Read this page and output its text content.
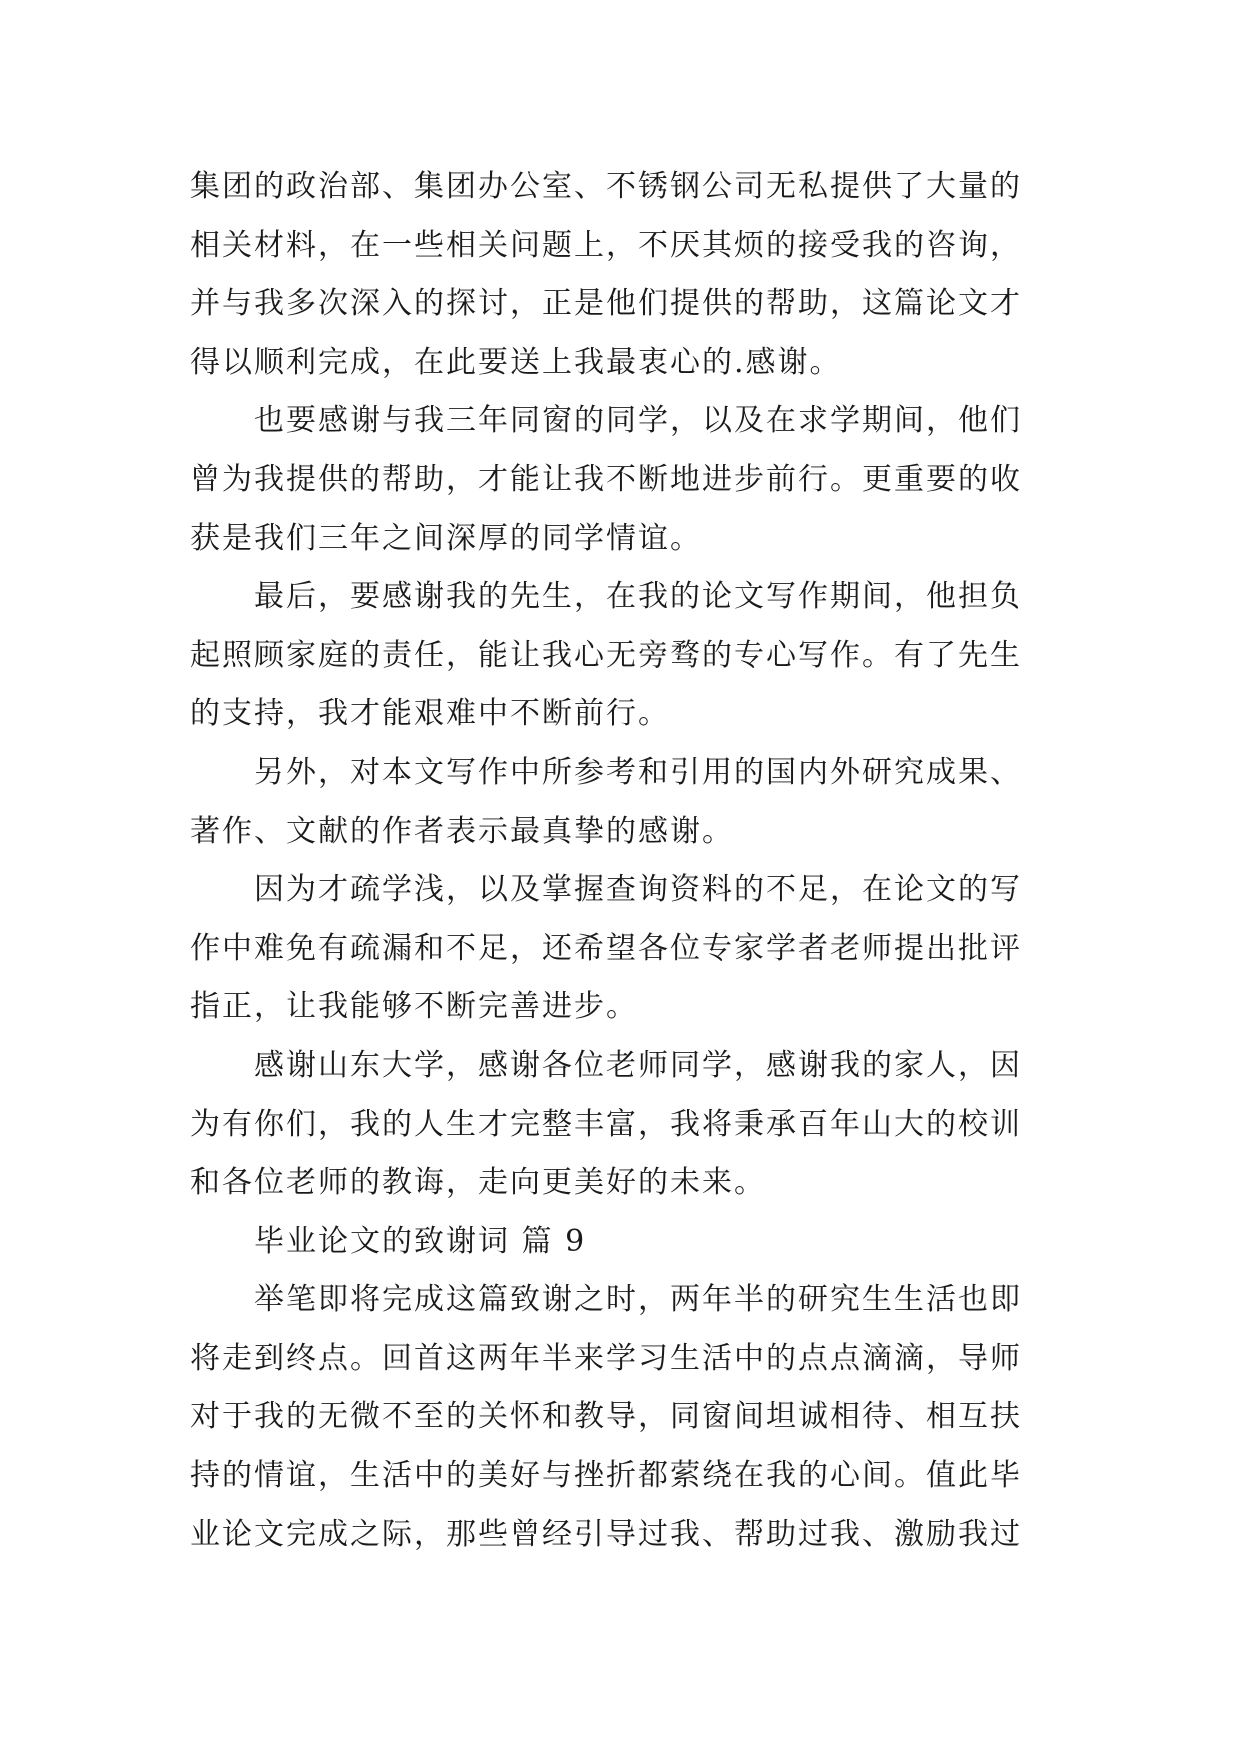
集团的政治部、集团办公室、不锈钢公司无私提供了大量的
相关材料，在一些相关问题上，不厌其烦的接受我的咨询，
并与我多次深入的探讨，正是他们提供的帮助，这篇论文才
得以顺利完成，在此要送上我最衷心的.感谢。
也要感谢与我三年同窗的同学，以及在求学期间，他们
曾为我提供的帮助，才能让我不断地进步前行。更重要的收
获是我们三年之间深厚的同学情谊。
最后，要感谢我的先生，在我的论文写作期间，他担负
起照顾家庭的责任，能让我心无旁骛的专心写作。有了先生
的支持，我才能艰难中不断前行。
另外，对本文写作中所参考和引用的国内外研究成果、
著作、文献的作者表示最真挚的感谢。
因为才疏学浅，以及掌握查询资料的不足，在论文的写
作中难免有疏漏和不足，还希望各位专家学者老师提出批评
指正，让我能够不断完善进步。
感谢山东大学，感谢各位老师同学，感谢我的家人，因
为有你们，我的人生才完整丰富，我将秉承百年山大的校训
和各位老师的教诲，走向更美好的未来。
毕业论文的致谢词 篇 9
举笔即将完成这篇致谢之时，两年半的研究生生活也即
将走到终点。回首这两年半来学习生活中的点点滴滴，导师
对于我的无微不至的关怀和教导，同窗间坦诚相待、相互扶
持的情谊，生活中的美好与挫折都萦绕在我的心间。值此毕
业论文完成之际，那些曾经引导过我、帮助过我、激励我过
